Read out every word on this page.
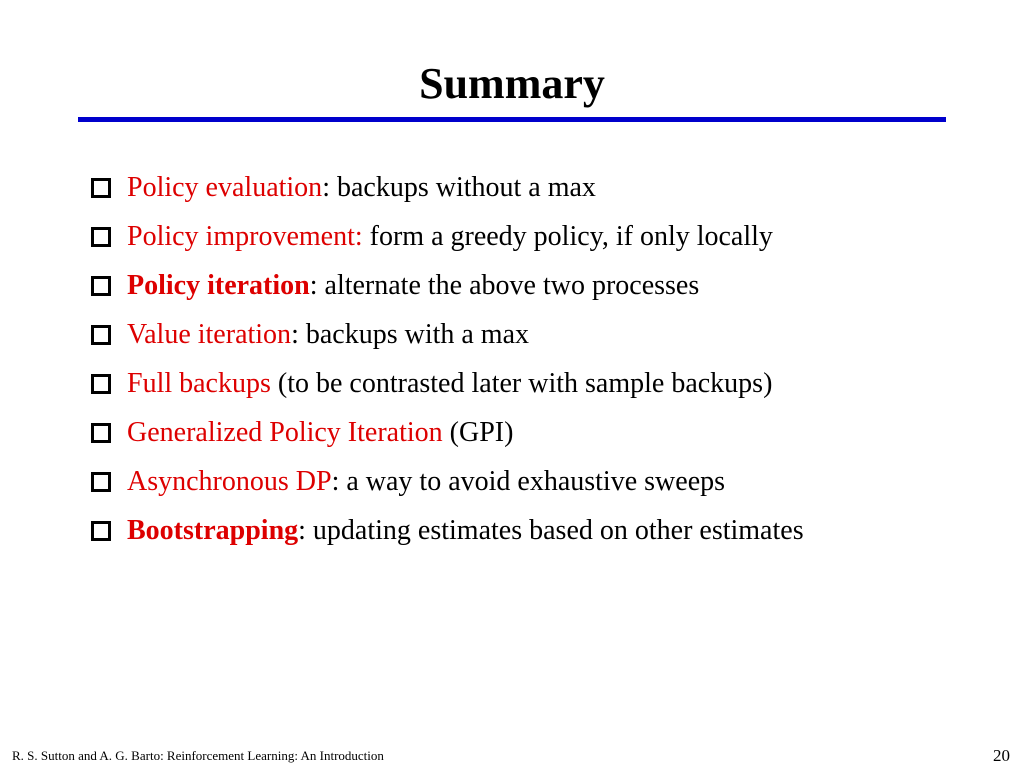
Summary
Policy evaluation: backups without a max
Policy improvement: form a greedy policy, if only locally
Policy iteration: alternate the above two processes
Value iteration: backups with a max
Full backups (to be contrasted later with sample backups)
Generalized Policy Iteration (GPI)
Asynchronous DP: a way to avoid exhaustive sweeps
Bootstrapping: updating estimates based on other estimates
R. S. Sutton and A. G. Barto: Reinforcement Learning: An Introduction	20
